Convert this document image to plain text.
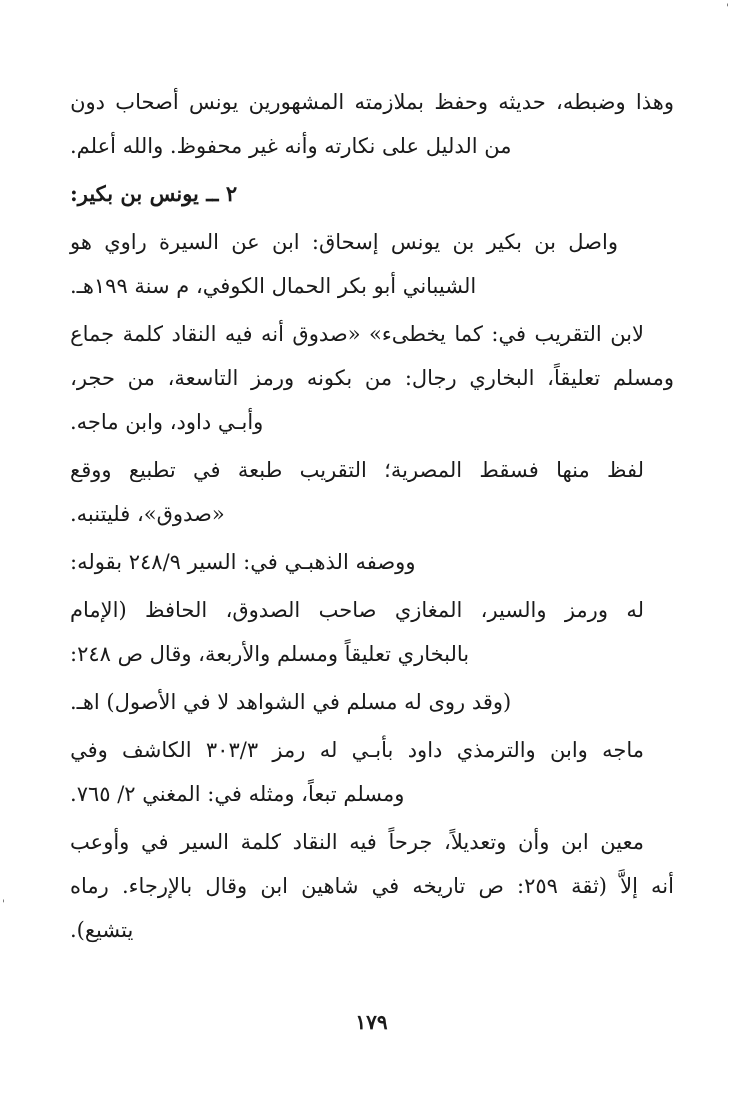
'
'
دون أصحاب يونس المشهورين بملازمته وحفظ حديثه وضبطه، وهذا
من الدليل على نكارته وأنه غير محفوظ. والله أعلم.
٢ ــ يونس بن بكير:
هو راوي السيرة عن ابن إسحاق: يونس بن بكير بن واصل
الشيباني أبو بكر الحمال الكوفي، م سنة ١٩٩هـ.
جماع كلمة النقاد فيه أنه «صدوق يخطىء» كما في: التقريب لابن
حجر، من التاسعة، ورمز بكونه من رجال: البخاري تعليقاً، ومسلم
وأبـي داود، وابن ماجه.
ووقع تطبيع في طبعة التقريب المصرية؛ فسقط منها لفظ
«صدوق»، فليتنبه.
ووصفه الذهبـي في: السير ٢٤٨/٩ بقوله:
(الإمام الحافظ الصدوق، صاحب المغازي والسير، ورمز له
بالبخاري تعليقاً ومسلم والأربعة، وقال ص ٢٤٨:
(وقد روى له مسلم في الشواهد لا في الأصول) اهـ.
وفي الكاشف ٣٠٣/٣ رمز له بأبـي داود والترمذي وابن ماجه
ومسلم تبعاً، ومثله في: المغني ٢/ ٧٦٥.
وأوعب في السير كلمة النقاد فيه جرحاً وتعديلاً، وأن ابن معين
رماه بالإرجاء. وقال ابن شاهين في تاريخه ص ٢٥٩: (ثقة إلاَّ أنه
يتشيع).
١٧٩
